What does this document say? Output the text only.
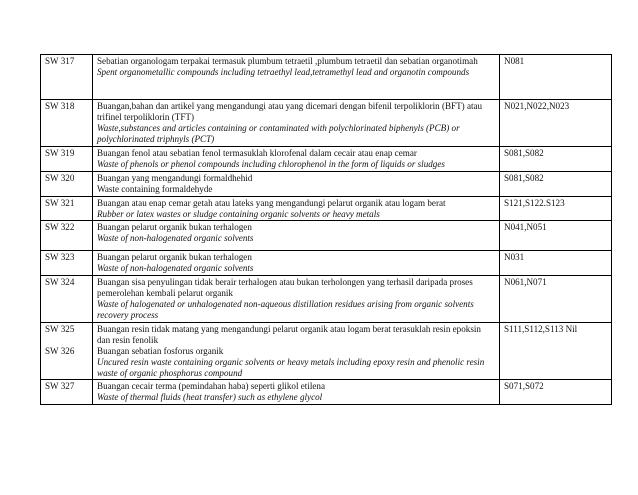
SW 317	Sebatian organologam terpakai termasuk plumbum tetraetil ,plumbum tetraetil dan sebatian organotimah
Spent organometallic compounds including tetraethyl lead,tetramethyl lead and organotin compounds	N081
SW 318	Buangan,bahan dan artikel yang mengandungi atau yang dicemari dengan bifenil terpoliklorin (BFT) atau trifinel terpoliklorin (TFT)
Waste,substances and articles containing or contaminated with polychlorinated biphenyls (PCB) or polychlorinated triphnyls (PCT)	N021,N022,N023
SW 319	Buangan fenol atau sebatian fenol termasuklah klorofenal dalam cecair atau enap cemar
Waste of phenols or phenol compounds including chlorophenol in the form of liquids or sludges	S081,S082
SW 320	Buangan yang mengandungi formaldhehid
Waste containing formaldehyde	S081,S082
SW 321	Buangan atau enap cemar getah atau lateks yang mengandungi pelarut organik atau logam berat
Rubber or latex wastes or sludge containing organic solvents or heavy metals	S121,S122.S123
SW 322	Buangan pelarut organik bukan terhalogen
Waste of non-halogenated organic solvents	N041,N051
SW 323	Buangan pelarut organik bukan terhalogen
Waste of non-halogenated organic solvents	N031
SW 324	Buangan sisa penyulingan tidak berair terhalogen atau bukan terholongen yang terhasil daripada proses pemerolehan kembali pelarut organik
Waste of halogenated or unhalogenated non-aqueous distillation residues arising from organic solvents recovery process	N061,N071

SW 325
SW 326	Buangan resin tidak matang yang mengandungi pelarut organik atau logam berat terasuklah resin epoksin dan resin fenolik
Buangan sebatian fosforus organik
Uncured resin waste containing organic solvents or heavy metals including epoxy resin and phenolic resin waste of organic phosphorus compound	S111,S112,S113 Nil
SW 327	Buangan cecair terma (pemindahan haba) seperti glikol etilena
Waste of thermal fluids (heat transfer) such as ethylene glycol	S071,S072
